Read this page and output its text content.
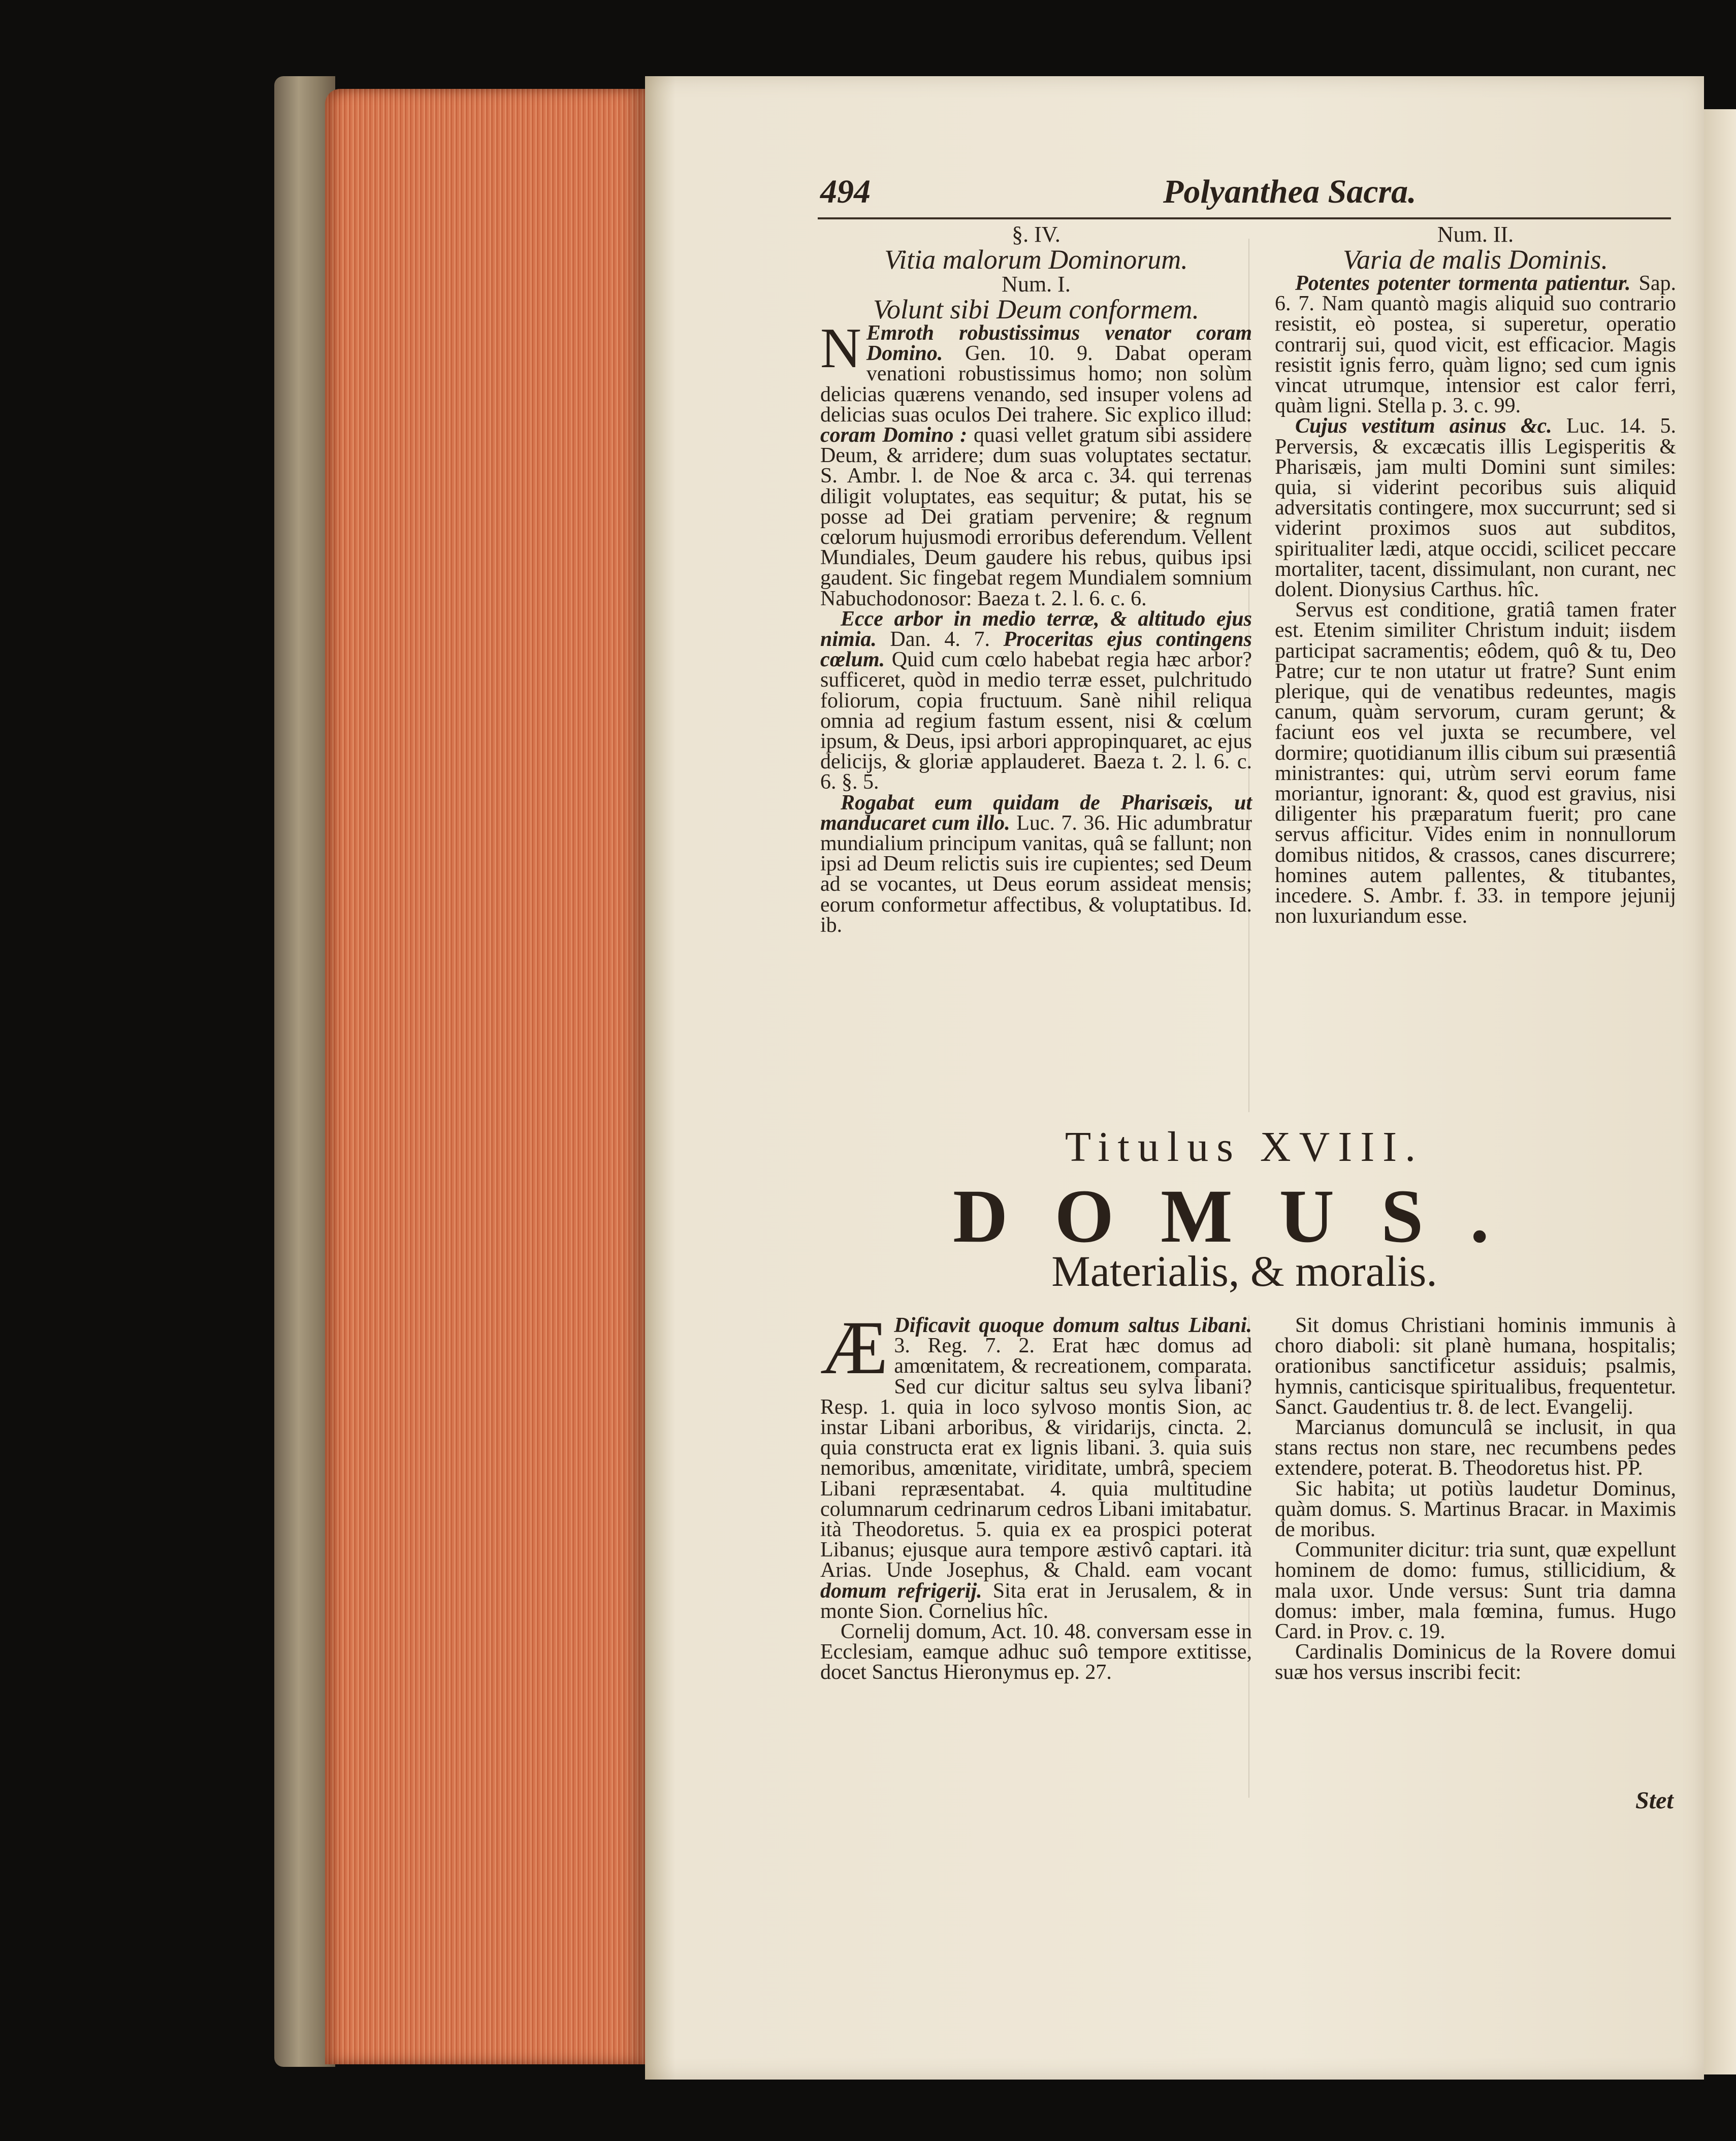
494	Polyanthea Sacra.

§. IV.

Vitia malorum Dominorum.

Num. I.

Volunt sibi Deum conformem.

N Emroth robustissimus venator coram Domino. Gen. 10. 9. Dabat operam venationi robustissimus homo; non solùm delicias quærens venando, sed insuper volens ad delicias suas oculos Dei trahere. Sic explico illud: coram Domino : quasi vellet gratum sibi assidere Deum, & arridere; dum suas voluptates sectatur. S. Ambr. l. de Noe & arca c. 34. qui terrenas diligit voluptates, eas sequitur; & putat, his se posse ad Dei gratiam pervenire; & regnum cœlorum hujusmodi erroribus deferendum. Vellent Mundiales, Deum gaudere his rebus, quibus ipsi gaudent. Sic fingebat regem Mundialem somnium Nabuchodonosor: Baeza t. 2. l. 6. c. 6.

Ecce arbor in medio terræ, & altitudo ejus nimia. Dan. 4. 7. Proceritas ejus contingens cœlum. Quid cum cœlo habebat regia hæc arbor? sufficeret, quòd in medio terræ esset, pulchritudo foliorum, copia fructuum. Sanè nihil reliqua omnia ad regium fastum essent, nisi & cœlum ipsum, & Deus, ipsi arbori appropinquaret, ac ejus delicijs, & gloriæ applauderet. Baeza t. 2. l. 6. c. 6. §. 5.

Rogabat eum quidam de Pharisæis, ut manducaret cum illo. Luc. 7. 36. Hic adumbratur mundialium principum vanitas, quâ se fallunt; non ipsi ad Deum relictis suis ire cupientes; sed Deum ad se vocantes, ut Deus eorum assideat mensis; eorum conformetur affectibus, & voluptatibus. Id. ib.

Num. II.

Varia de malis Dominis.

Potentes potenter tormenta patientur. Sap. 6. 7. Nam quantò magis aliquid suo contrario resistit, eò postea, si superetur, operatio contrarij sui, quod vicit, est efficacior. Magis resistit ignis ferro, quàm ligno; sed cum ignis vincat utrumque, intensior est calor ferri, quàm ligni. Stella p. 3. c. 99.

Cujus vestitum asinus &c. Luc. 14. 5. Perversis, & excæcatis illis Legisperitis & Pharisæis, jam multi Domini sunt similes: quia, si viderint pecoribus suis aliquid adversitatis contingere, mox succurrunt; sed si viderint proximos suos aut subditos, spiritualiter lædi, atque occidi, scilicet peccare mortaliter, tacent, dissimulant, non curant, nec dolent. Dionysius Carthus. hîc.

Servus est conditione, gratiâ tamen frater est. Etenim similiter Christum induit; iisdem participat sacramentis; eôdem, quô & tu, Deo Patre; cur te non utatur ut fratre? Sunt enim plerique, qui de venatibus redeuntes, magis canum, quàm servorum, curam gerunt; & faciunt eos vel juxta se recumbere, vel dormire; quotidianum illis cibum sui præsentiâ ministrantes: qui, utrùm servi eorum fame moriantur, ignorant: &, quod est gravius, nisi diligenter his præparatum fuerit; pro cane servus afficitur. Vides enim in nonnullorum domibus nitidos, & crassos, canes discurrere; homines autem pallentes, & titubantes, incedere. S. Ambr. f. 33. in tempore jejunij non luxuriandum esse.

Titulus XVIII.
DOMUS.
Materialis, & moralis.

Æ Dificavit quoque domum saltus Libani. 3. Reg. 7. 2. Erat hæc domus ad amœnitatem, & recreationem, comparata. Sed cur dicitur saltus seu sylva libani? Resp. 1. quia in loco sylvoso montis Sion, ac instar Libani arboribus, & viridarijs, cincta. 2. quia constructa erat ex lignis libani. 3. quia suis nemoribus, amœnitate, viriditate, umbrâ, speciem Libani repræsentabat. 4. quia multitudine columnarum cedrinarum cedros Libani imitabatur. ità Theodoretus. 5. quia ex ea prospici poterat Libanus; ejusque aura tempore æstivô captari. ità Arias. Unde Josephus, & Chald. eam vocant domum refrigerij. Sita erat in Jerusalem, & in monte Sion. Cornelius hîc.

Cornelij domum, Act. 10. 48. conversam esse in Ecclesiam, eamque adhuc suô tempore extitisse, docet Sanctus Hieronymus ep. 27.

Sit domus Christiani hominis immunis à choro diaboli: sit planè humana, hospitalis; orationibus sanctificetur assiduis; psalmis, hymnis, canticisque spiritualibus, frequentetur. Sanct. Gaudentius tr. 8. de lect. Evangelij.

Marcianus domunculâ se inclusit, in qua stans rectus non stare, nec recumbens pedes extendere, poterat. B. Theodoretus hist. PP.

Sic habita; ut potiùs laudetur Dominus, quàm domus. S. Martinus Bracar. in Maximis de moribus.

Communiter dicitur: tria sunt, quæ expellunt hominem de domo: fumus, stillicidium, & mala uxor. Unde versus: Sunt tria damna domus: imber, mala fœmina, fumus. Hugo Card. in Prov. c. 19.

Cardinalis Dominicus de la Rovere domui suæ hos versus inscribi fecit:

Stet
